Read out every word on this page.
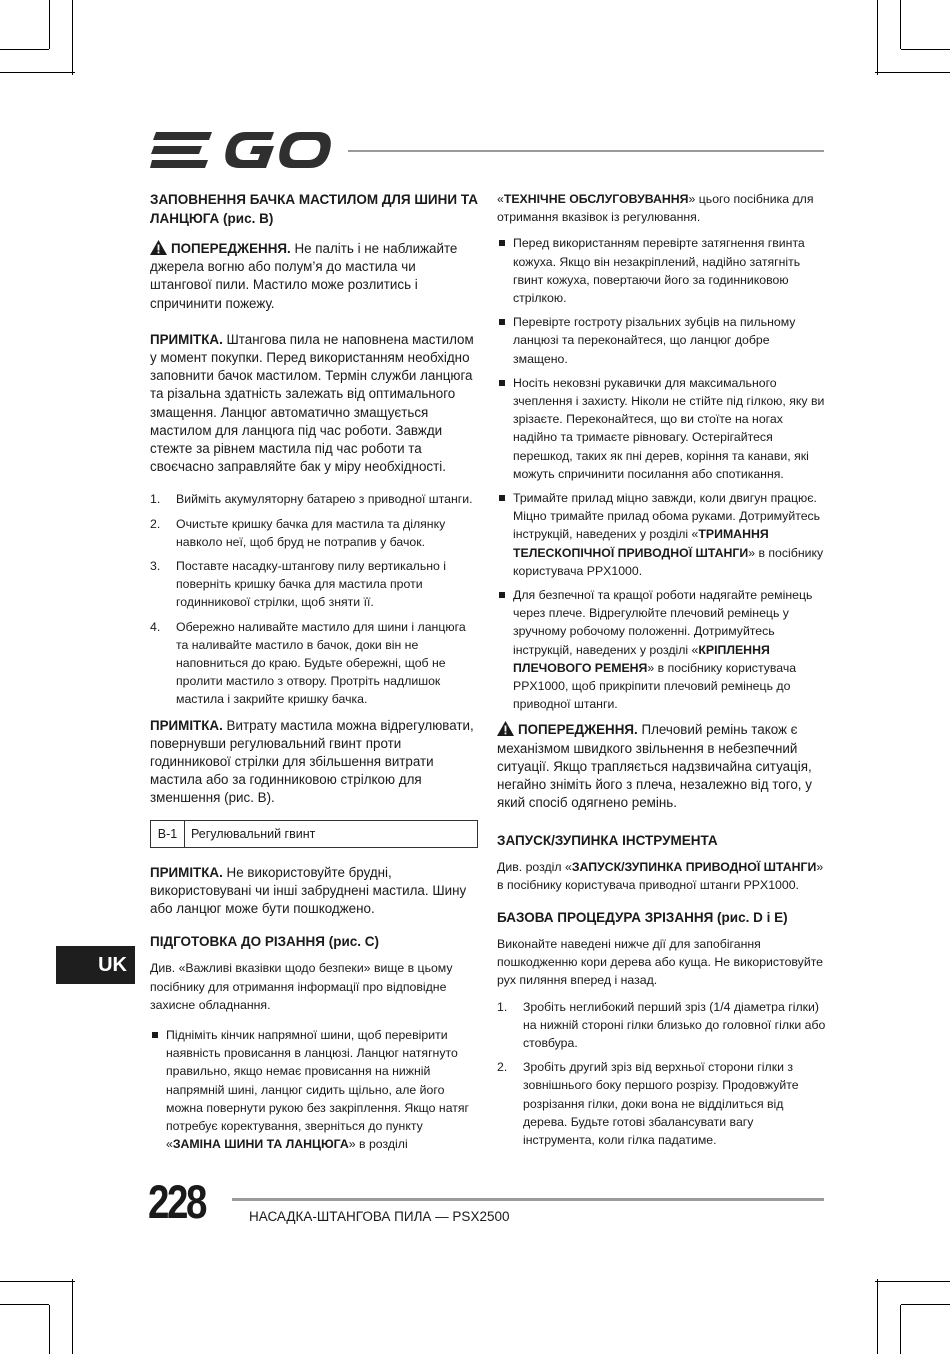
ЗАПОВНЕННЯ БАЧКА МАСТИЛОМ ДЛЯ ШИНИ ТА ЛАНЦЮГА (рис. B)
ПОПЕРЕДЖЕННЯ. Не паліть і не наближайте джерела вогню або полум’я до мастила чи штангової пили. Мастило може розлитись і спричинити пожежу.
ПРИМІТКА. Штангова пила не наповнена мастилом у момент покупки. Перед використанням необхідно заповнити бачок мастилом. Термін служби ланцюга та різальна здатність залежать від оптимального змащення. Ланцюг автоматично змащується мастилом для ланцюга під час роботи. Завжди стежте за рівнем мастила під час роботи та своєчасно заправляйте бак у міру необхідності.
1. Вийміть акумуляторну батарею з приводної штанги.
2. Очистьте кришку бачка для мастила та ділянку навколо неї, щоб бруд не потрапив у бачок.
3. Поставте насадку-штангову пилу вертикально і поверніть кришку бачка для мастила проти годинникової стрілки, щоб зняти її.
4. Обережно наливайте мастило для шини і ланцюга та наливайте мастило в бачок, доки він не наповниться до краю. Будьте обережні, щоб не пролити мастило з отвору. Протріть надлишок мастила і закрийте кришку бачка.
ПРИМІТКА. Витрату мастила можна відрегулювати, повернувши регулювальний гвинт проти годинникової стрілки для збільшення витрати мастила або за годинниковою стрілкою для зменшення (рис. B).
B-1	Регулювальний гвинт
ПРИМІТКА. Не використовуйте брудні, використовувані чи інші забруднені мастила. Шину або ланцюг може бути пошкоджено.
ПІДГОТОВКА ДО РІЗАННЯ (рис. C)
Див. «Важливі вказівки щодо безпеки» вище в цьому посібнику для отримання інформації про відповідне захисне обладнання.
Підніміть кінчик напрямної шини, щоб перевірити наявність провисання в ланцюзі. Ланцюг натягнуто правильно, якщо немає провисання на нижній напрямній шині, ланцюг сидить щільно, але його можна повернути рукою без закріплення. Якщо натяг потребує коректування, зверніться до пункту «ЗАМІНА ШИНИ ТА ЛАНЦЮГА» в розділі
«ТЕХНІЧНЕ ОБСЛУГОВУВАННЯ» цього посібника для отримання вказівок із регулювання.
Перед використанням перевірте затягнення гвинта кожуха. Якщо він незакріплений, надійно затягніть гвинт кожуха, повертаючи його за годинниковою стрілкою.
Перевірте гостроту різальних зубців на пильному ланцюзі та переконайтеся, що ланцюг добре змащено.
Носіть нековзні рукавички для максимального зчеплення і захисту. Ніколи не стійте під гілкою, яку ви зрізаєте. Переконайтеся, що ви стоїте на ногах надійно та тримаєте рівновагу. Остерігайтеся перешкод, таких як пні дерев, коріння та канави, які можуть спричинити посилання або спотикання.
Тримайте прилад міцно завжди, коли двигун працює. Міцно тримайте прилад обома руками. Дотримуйтесь інструкцій, наведених у розділі «ТРИМАННЯ ТЕЛЕСКОПІЧНОЇ ПРИВОДНОЇ ШТАНГИ» в посібнику користувача PPX1000.
Для безпечної та кращої роботи надягайте ремінець через плече. Відрегулюйте плечовий ремінець у зручному робочому положенні. Дотримуйтесь інструкцій, наведених у розділі «КРІПЛЕННЯ ПЛЕЧОВОГО РЕМЕНЯ» в посібнику користувача PPX1000, щоб прикріпити плечовий ремінець до приводної штанги.
ПОПЕРЕДЖЕННЯ. Плечовий ремінь також є механізмом швидкого звільнення в небезпечний ситуації. Якщо трапляється надзвичайна ситуація, негайно зніміть його з плеча, незалежно від того, у який спосіб одягнено ремінь.
ЗАПУСК/ЗУПИНКА ІНСТРУМЕНТА
Див. розділ «ЗАПУСК/ЗУПИНКА ПРИВОДНОЇ ШТАНГИ» в посібнику користувача приводної штанги PPX1000.
БАЗОВА ПРОЦЕДУРА ЗРІЗАННЯ (рис. D і E)
Виконайте наведені нижче дії для запобігання пошкодженню кори дерева або куща. Не використовуйте рух пиляння вперед і назад.
1. Зробіть неглибокий перший зріз (1/4 діаметра гілки) на нижній стороні гілки близько до головної гілки або стовбура.
2. Зробіть другий зріз від верхньої сторони гілки з зовнішнього боку першого розрізу. Продовжуйте розрізання гілки, доки вона не відділиться від дерева. Будьте готові збалансувати вагу інструмента, коли гілка падатиме.
UK
228	НАСАДКА-ШТАНГОВА ПИЛА — PSX2500
